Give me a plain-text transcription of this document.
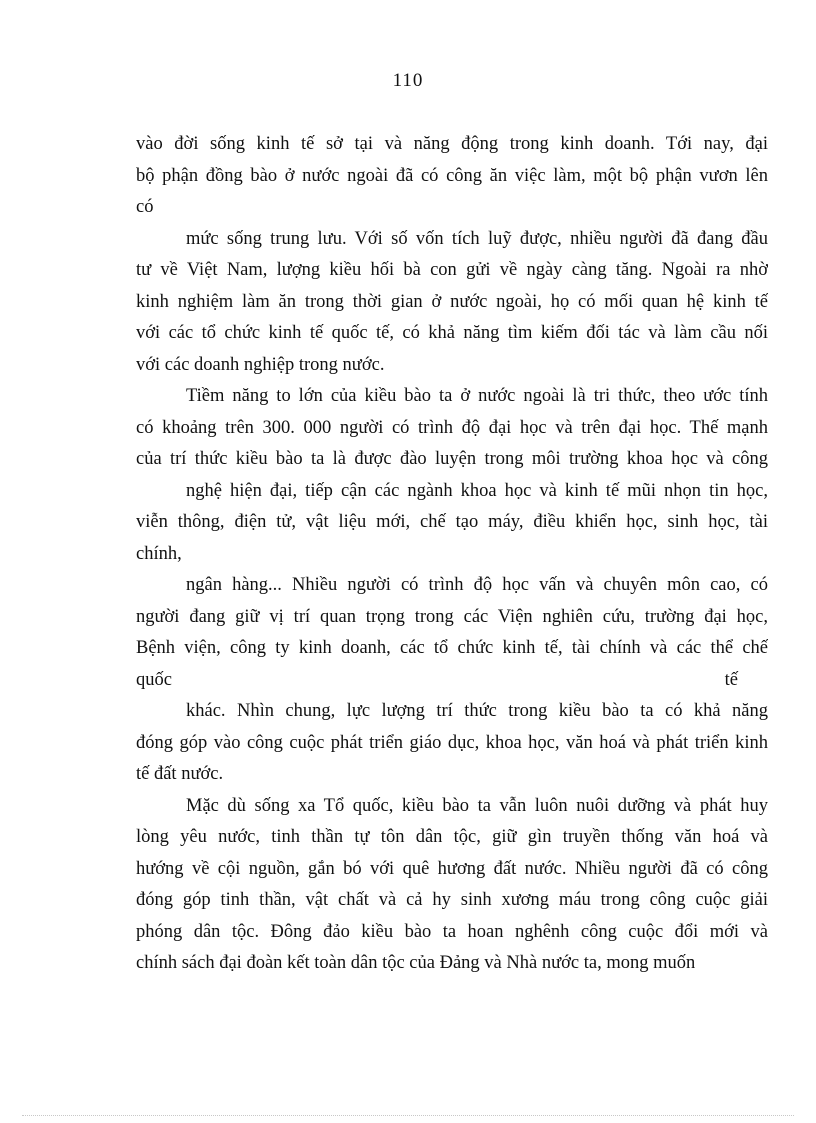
110
vào đời sống kinh tế sở tại và năng động trong kinh doanh. Tới nay, đại
bộ phận đồng bào ở nước ngoài đã có công ăn việc làm, một bộ phận vươn lên
có
mức sống trung lưu. Với số vốn tích luỹ được, nhiều người đã đang đầu
tư về Việt Nam, lượng kiều hối bà con gửi về ngày càng tăng. Ngoài ra nhờ
kinh nghiệm làm ăn trong thời gian ở nước ngoài, họ có mối quan hệ kinh tế
với các tổ chức kinh tế quốc tế, có khả năng tìm kiếm đối tác và làm cầu nối
với các doanh nghiệp trong nước.
Tiềm năng to lớn của kiều bào ta ở nước ngoài là tri thức, theo ước tính
có khoảng trên 300. 000 người có trình độ đại học và trên đại học. Thế mạnh
của trí thức kiều bào ta là được đào luyện trong môi trường khoa học và công
nghệ hiện đại, tiếp cận các ngành khoa học và kinh tế mũi nhọn tin học,
viễn thông, điện tử, vật liệu mới, chế tạo máy, điều khiển học, sinh học, tài
chính,
ngân hàng... Nhiều người có trình độ học vấn và chuyên môn cao, có
người đang giữ vị trí quan trọng trong các Viện nghiên cứu, trường đại học,
Bệnh viện, công ty kinh doanh, các tổ chức kinh tế, tài chính và các thể chế
quốc	tế
khác. Nhìn chung, lực lượng trí thức trong kiều bào ta có khả năng
đóng góp vào công cuộc phát triển giáo dục, khoa học, văn hoá và phát triển kinh
tế đất nước.
Mặc dù sống xa Tổ quốc, kiều bào ta vẫn luôn nuôi dưỡng và phát huy
lòng yêu nước, tinh thần tự tôn dân tộc, giữ gìn truyền thống văn hoá và
hướng về cội nguồn, gắn bó với quê hương đất nước. Nhiều người đã có công
đóng góp tinh thần, vật chất và cả hy sinh xương máu trong công cuộc giải
phóng dân tộc. Đông đảo kiều bào ta hoan nghênh công cuộc đổi mới và
chính sách đại đoàn kết toàn dân tộc của Đảng và Nhà nước ta, mong muốn
